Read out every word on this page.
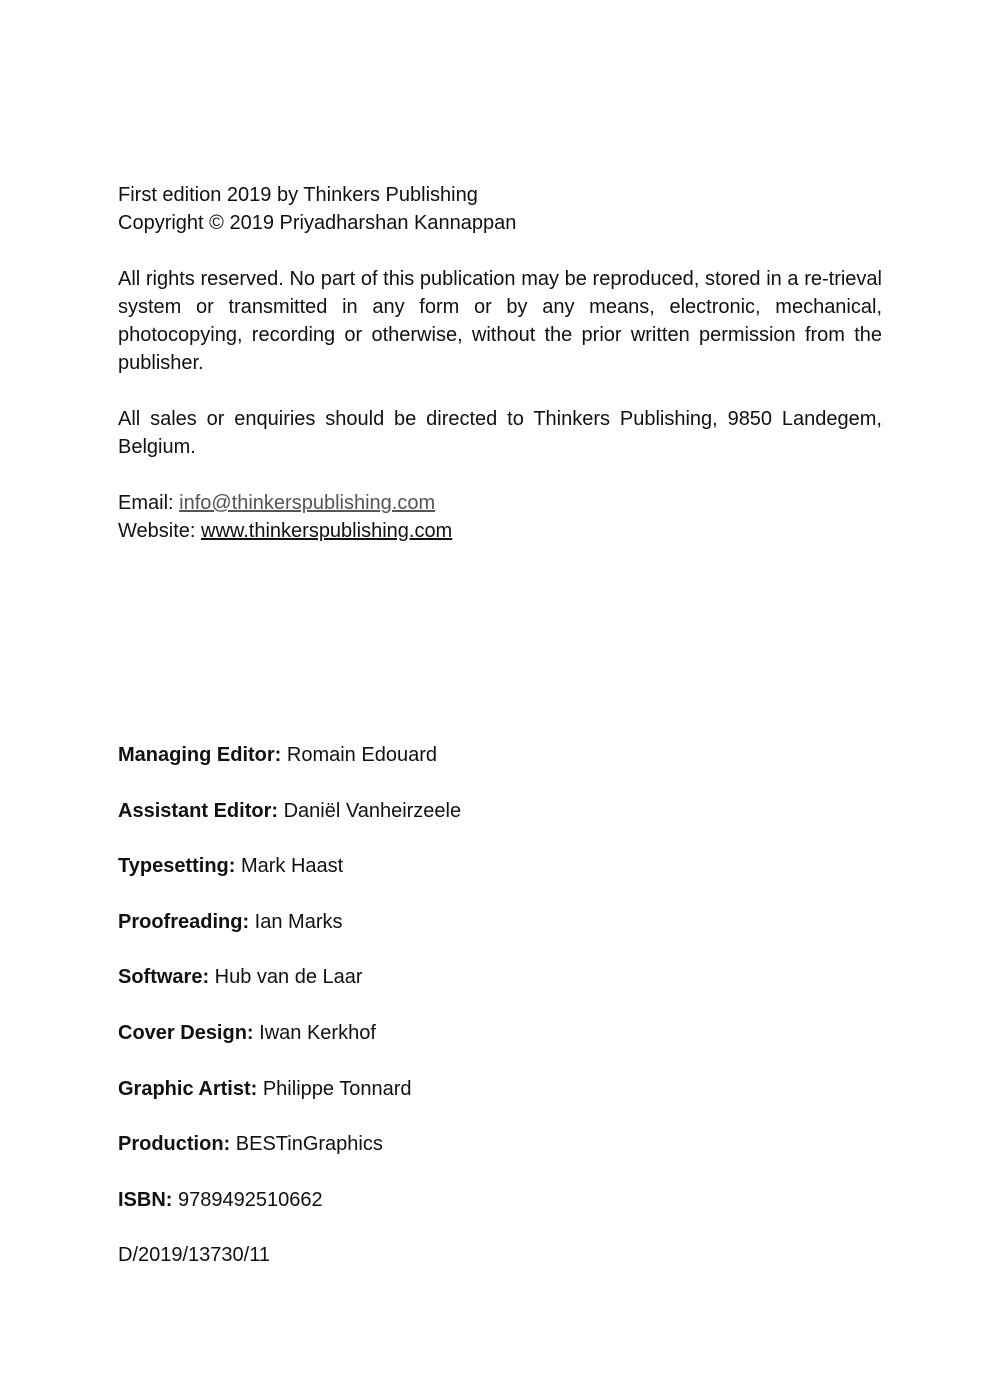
First edition 2019 by Thinkers Publishing
Copyright © 2019 Priyadharshan Kannappan

All rights reserved. No part of this publication may be reproduced, stored in a re-trieval system or transmitted in any form or by any means, electronic, mechanical, photocopying, recording or otherwise, without the prior written permission from the publisher.

All sales or enquiries should be directed to Thinkers Publishing, 9850 Landegem, Belgium.

Email: info@thinkerspublishing.com
Website: www.thinkerspublishing.com
Managing Editor: Romain Edouard
Assistant Editor: Daniël Vanheirzeele
Typesetting: Mark Haast
Proofreading: Ian Marks
Software: Hub van de Laar
Cover Design: Iwan Kerkhof
Graphic Artist: Philippe Tonnard
Production: BESTinGraphics
ISBN: 9789492510662
D/2019/13730/11
